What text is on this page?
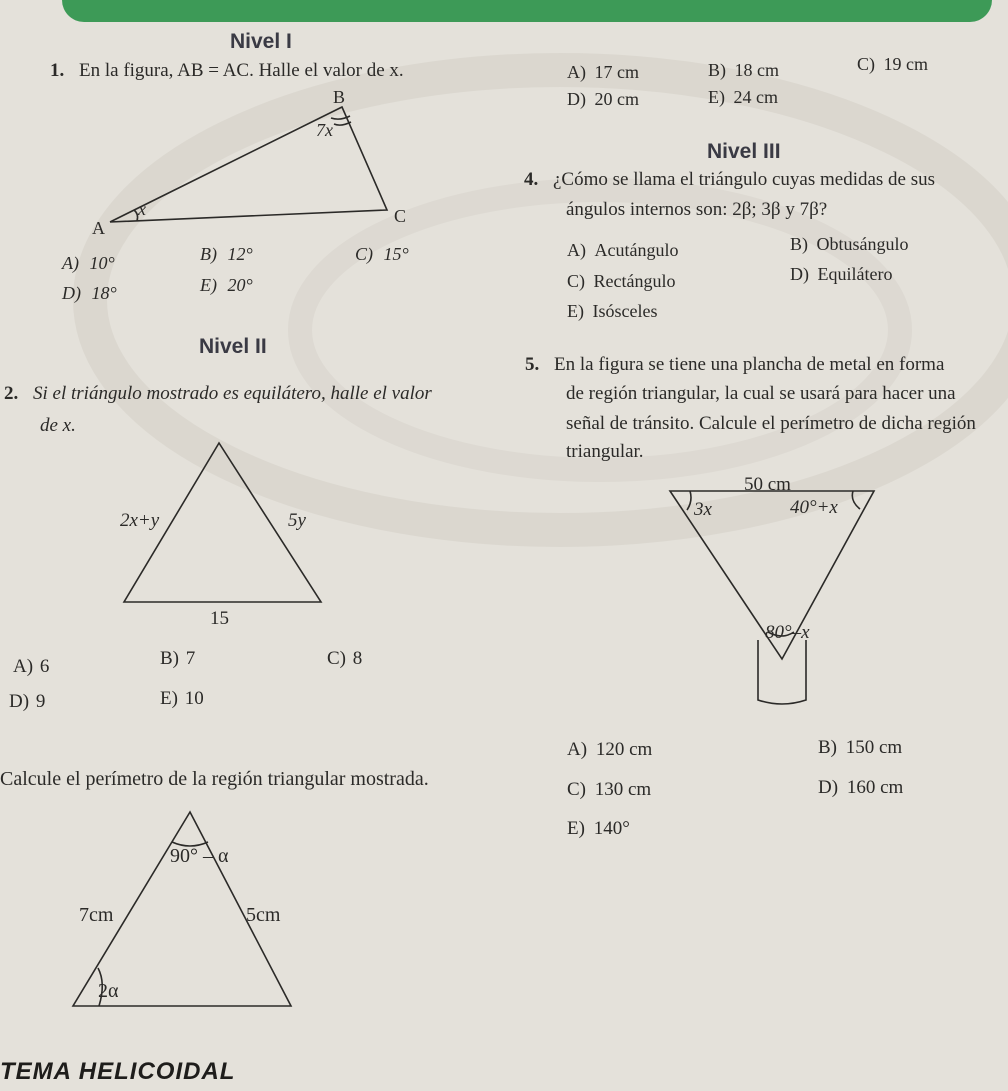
Nivel I
Nivel II
Nivel III
1. En la figura, AB = AC. Halle el valor de x.
B
A
C
7x
x
A) 10°	B) 12°	C) 15°
D) 18°	E) 20°
A) 17 cm	B) 18 cm	C) 19 cm
D) 20 cm	E) 24 cm
4. ¿Cómo se llama el triángulo cuyas medidas de sus
ángulos internos son: 2β; 3β y 7β?
A) Acutángulo	B) Obtusángulo
C) Rectángulo	D) Equilátero
E) Isósceles
2. Si el triángulo mostrado es equilátero, halle el valor
de x.
2x+y	5y
15
A) 6	B) 7	C) 8
D) 9	E) 10
5. En la figura se tiene una plancha de metal en forma
de región triangular, la cual se usará para hacer una
señal de tránsito. Calcule el perímetro de dicha región
triangular.
50 cm
3x	40°+x
80°–x
A) 120 cm	B) 150 cm
C) 130 cm	D) 160 cm
E) 140°
Calcule el perímetro de la región triangular mostrada.
90° – α
7cm	5cm
2α
TEMA HELICOIDAL
